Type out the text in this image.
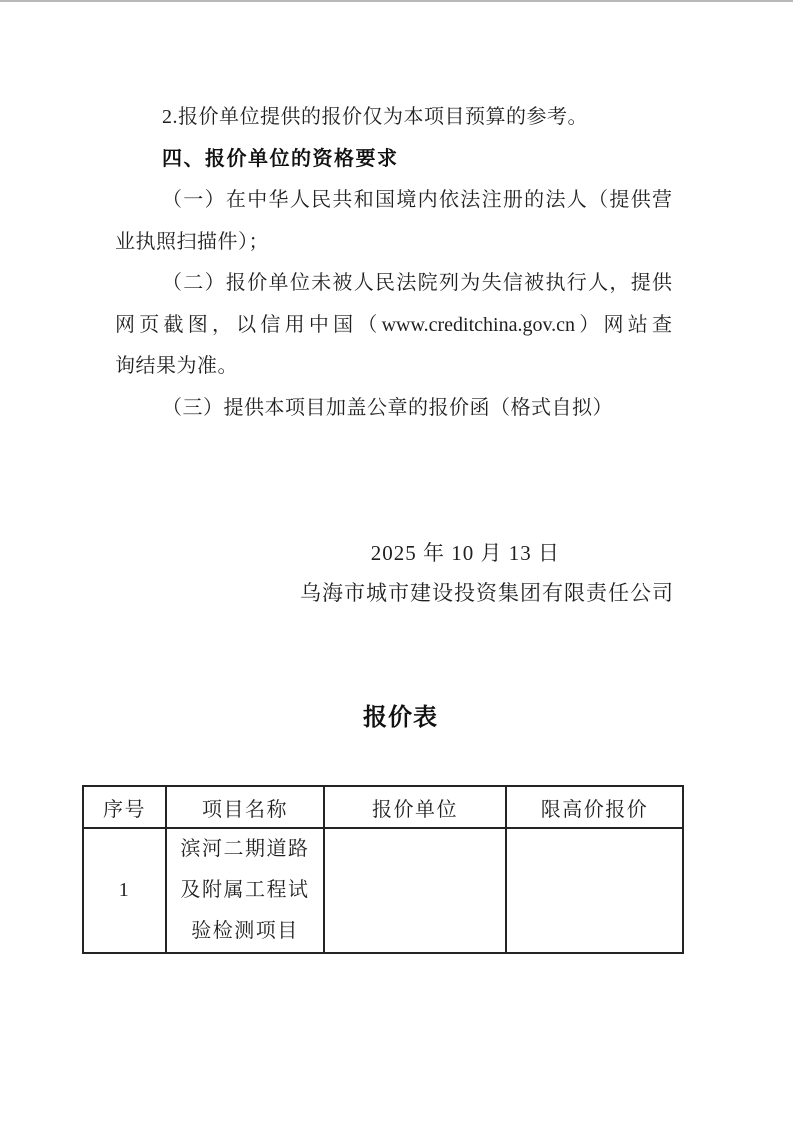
2.报价单位提供的报价仅为本项目预算的参考。
四、报价单位的资格要求
（一）在中华人民共和国境内依法注册的法人（提供营
业执照扫描件）；
（二）报价单位未被人民法院列为失信被执行人，提供
网页截图，以信用中国（www.creditchina.gov.cn）网站查
询结果为准。
（三）提供本项目加盖公章的报价函（格式自拟）
2025 年 10 月 13 日
乌海市城市建设投资集团有限责任公司
报价表
序号	项目名称	报价单位	限高价报价
1	滨河二期道路
及附属工程试
验检测项目		
